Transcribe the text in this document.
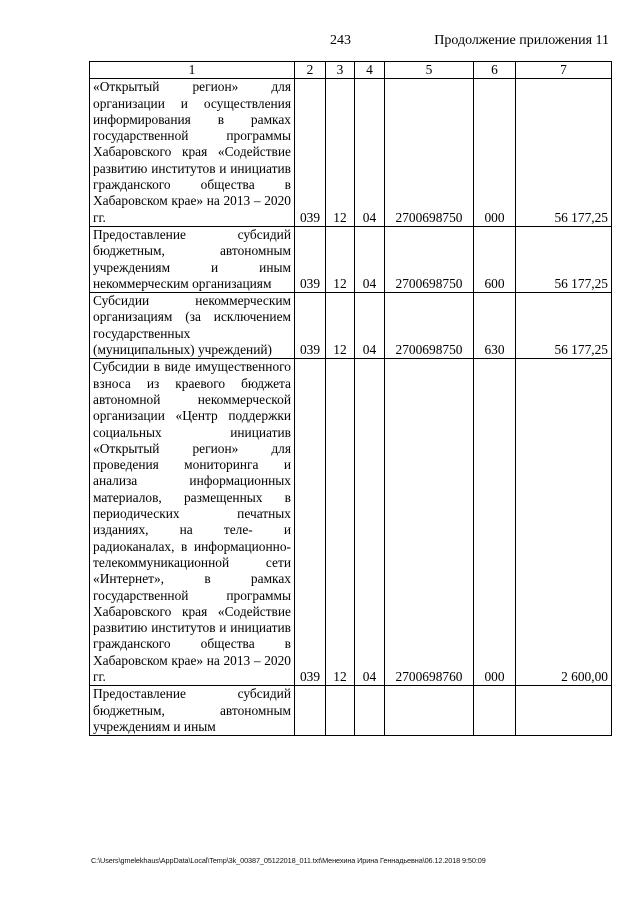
243	Продолжение приложения 11
1	2	3	4	5	6	7
«Открытый регион» для организации и осуществления информирования в рамках государственной программы Хабаровского края «Содействие развитию институтов и инициатив гражданского общества в Хабаровском крае» на 2013 – 2020 гг.	039	12	04	2700698750	000	56 177,25
Предоставление субсидий бюджетным, автономным учреждениям и иным некоммерческим организациям	039	12	04	2700698750	600	56 177,25
Субсидии некоммерческим организациям (за исключением государственных (муниципальных) учреждений)	039	12	04	2700698750	630	56 177,25
Субсидии в виде имущественного взноса из краевого бюджета автономной некоммерческой организации «Центр поддержки социальных инициатив «Открытый регион» для проведения мониторинга и анализа информационных материалов, размещенных в периодических печатных изданиях, на теле- и радиоканалах, в информационно-телекоммуникационной сети «Интернет», в рамках государственной программы Хабаровского края «Содействие развитию институтов и инициатив гражданского общества в Хабаровском крае» на 2013 – 2020 гг.	039	12	04	2700698760	000	2 600,00
Предоставление субсидий бюджетным, автономным учреждениям и иным						
C:\Users\gmelekhaus\AppData\Local\Temp\3k_00387_05122018_011.txt\Менехина Ирина Геннадьевна\06.12.2018 9:50:09
